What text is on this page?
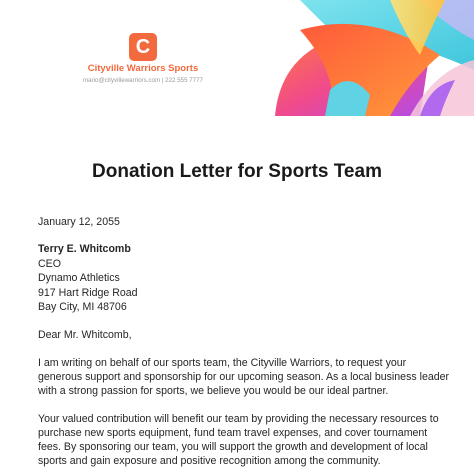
C
Cityville Warriors Sports
mario@cityvillewarriors.com | 222 555 7777
Donation Letter for Sports Team
January 12, 2055
Terry E. Whitcomb
CEO
Dynamo Athletics
917 Hart Ridge Road
Bay City, MI 48706
Dear Mr. Whitcomb,
I am writing on behalf of our sports team, the Cityville Warriors, to request your
generous support and sponsorship for our upcoming season. As a local business leader
with a strong passion for sports, we believe you would be our ideal partner.
Your valued contribution will benefit our team by providing the necessary resources to
purchase new sports equipment, fund team travel expenses, and cover tournament
fees. By sponsoring our team, you will support the growth and development of local
sports and gain exposure and positive recognition among the community.
